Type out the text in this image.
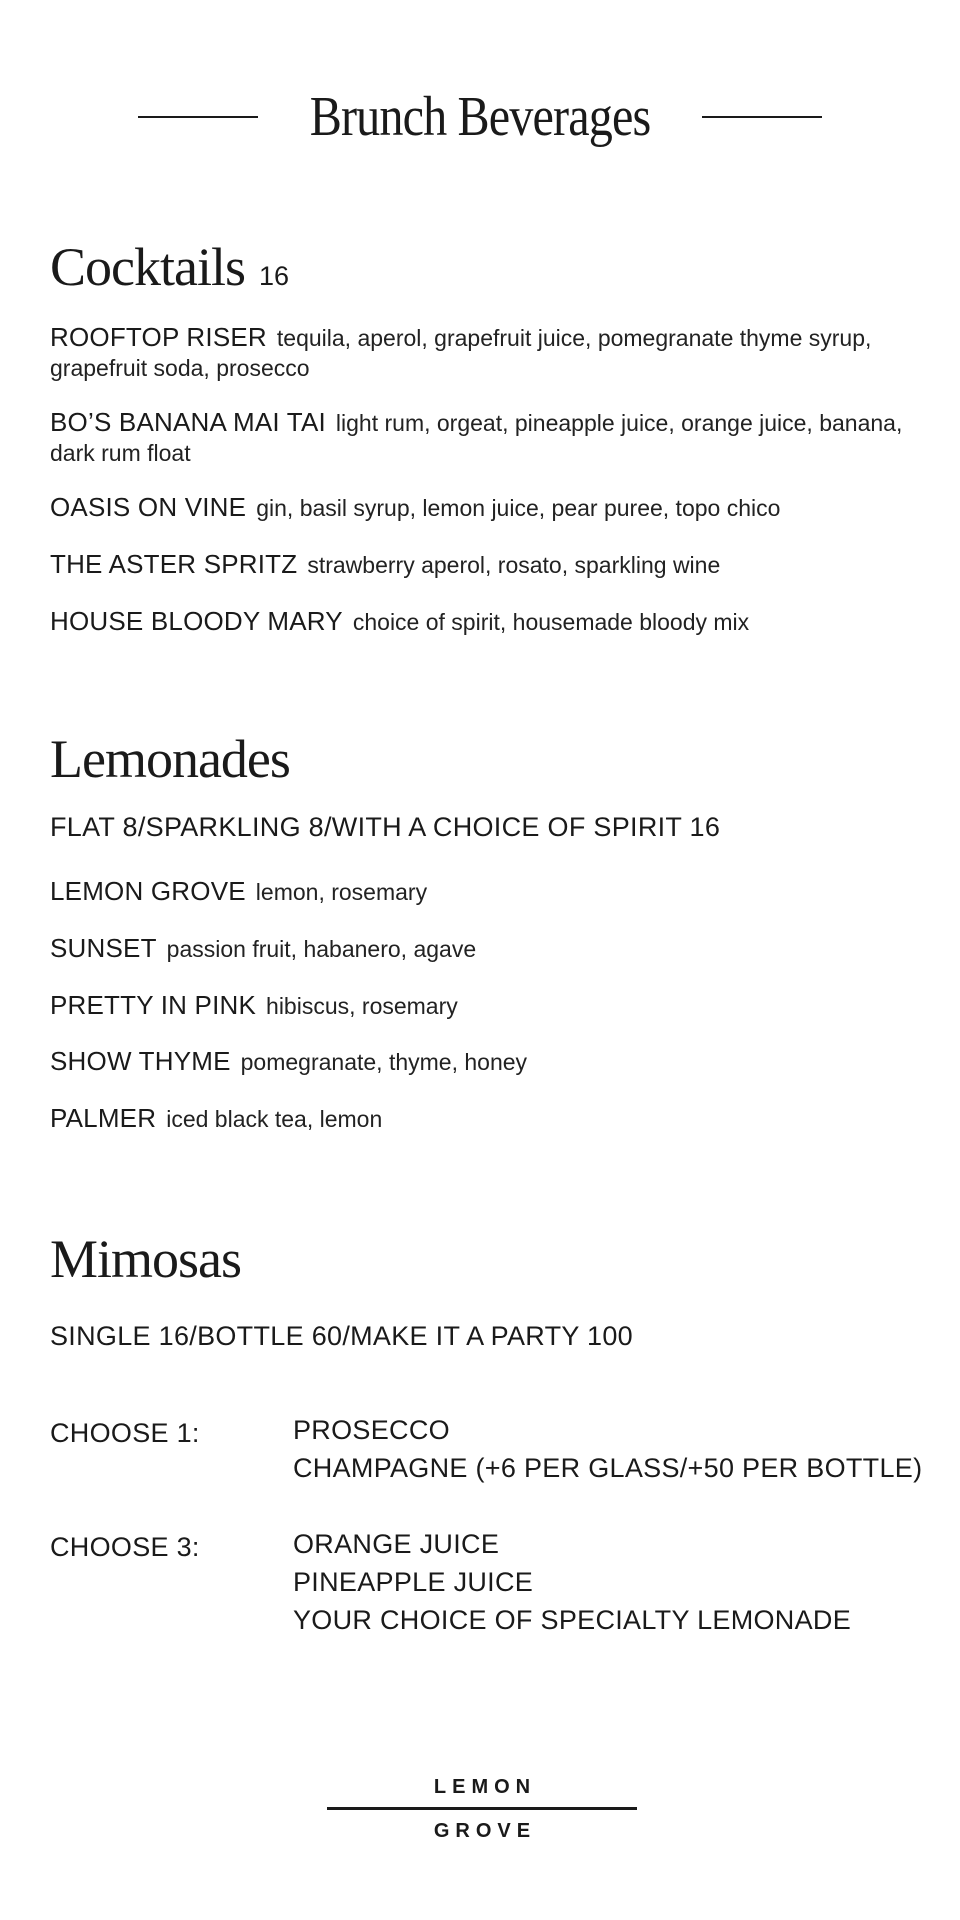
Brunch Beverages
Cocktails 16
ROOFTOP RISER tequila, aperol, grapefruit juice, pomegranate thyme syrup, grapefruit soda, prosecco
BO’S BANANA MAI TAI light rum, orgeat, pineapple juice, orange juice, banana, dark rum float
OASIS ON VINE gin, basil syrup, lemon juice, pear puree, topo chico
THE ASTER SPRITZ strawberry aperol, rosato, sparkling wine
HOUSE BLOODY MARY choice of spirit, housemade bloody mix
Lemonades
FLAT 8/SPARKLING 8/WITH A CHOICE OF SPIRIT 16
LEMON GROVE lemon, rosemary
SUNSET passion fruit, habanero, agave
PRETTY IN PINK hibiscus, rosemary
SHOW THYME pomegranate, thyme, honey
PALMER iced black tea, lemon
Mimosas
SINGLE 16/BOTTLE 60/MAKE IT A PARTY 100
CHOOSE 1:	PROSECCO
CHAMPAGNE (+6 PER GLASS/+50 PER BOTTLE)
CHOOSE 3:	ORANGE JUICE
PINEAPPLE JUICE
YOUR CHOICE OF SPECIALTY LEMONADE
LEMON
GROVE
